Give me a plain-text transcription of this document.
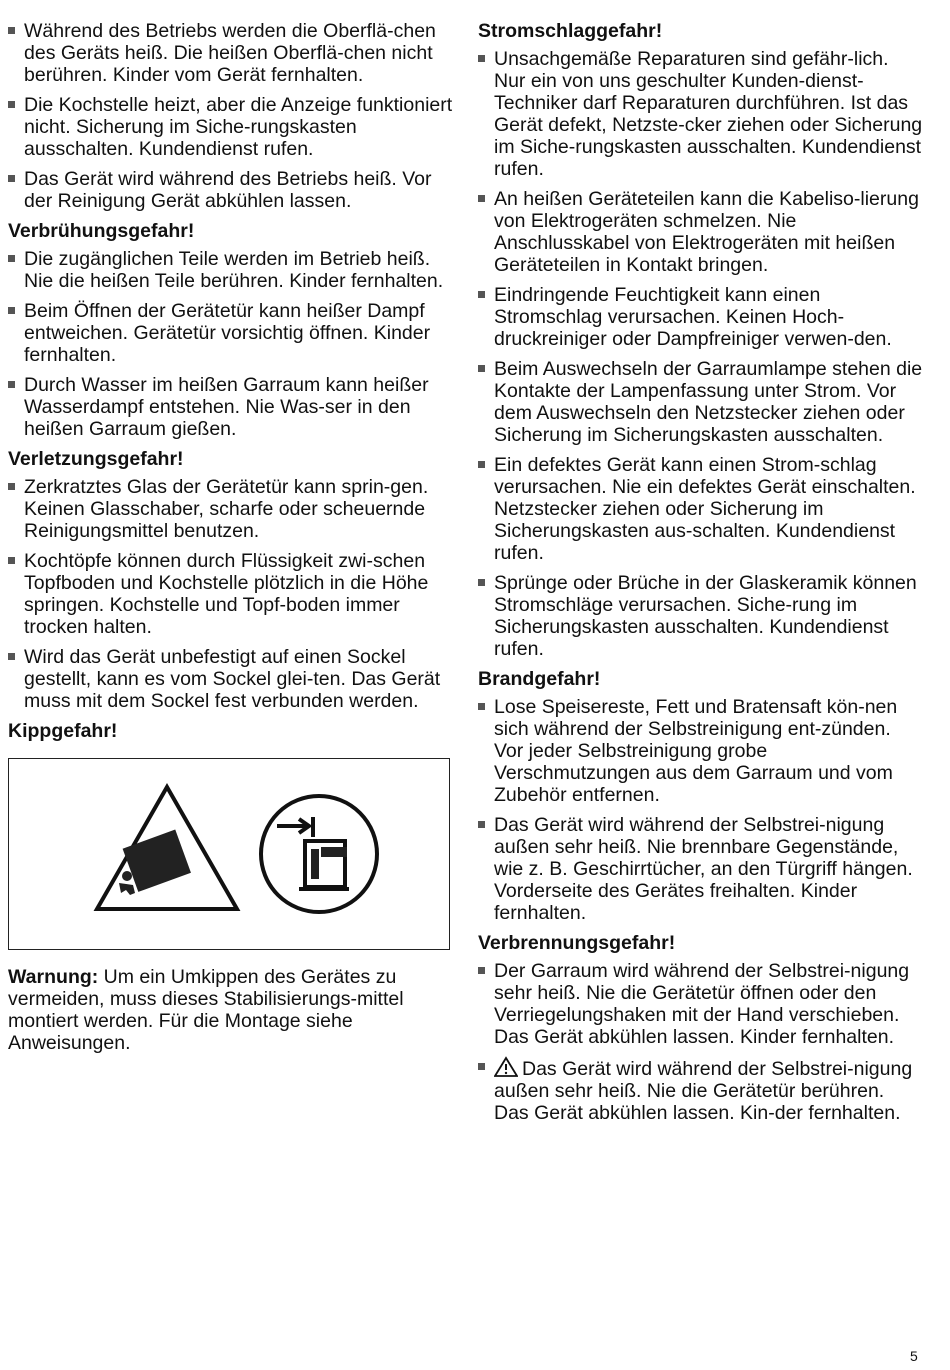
Während des Betriebs werden die Oberflä-chen des Geräts heiß. Die heißen Oberflä-chen nicht berühren. Kinder vom Gerät fernhalten.
Die Kochstelle heizt, aber die Anzeige funktioniert nicht. Sicherung im Siche-rungskasten ausschalten. Kundendienst rufen.
Das Gerät wird während des Betriebs heiß. Vor der Reinigung Gerät abkühlen lassen.
Verbrühungsgefahr!
Die zugänglichen Teile werden im Betrieb heiß. Nie die heißen Teile berühren. Kinder fernhalten.
Beim Öffnen der Gerätetür kann heißer Dampf entweichen. Gerätetür vorsichtig öffnen. Kinder fernhalten.
Durch Wasser im heißen Garraum kann heißer Wasserdampf entstehen. Nie Was-ser in den heißen Garraum gießen.
Verletzungsgefahr!
Zerkratztes Glas der Gerätetür kann sprin-gen. Keinen Glasschaber, scharfe oder scheuernde Reinigungsmittel benutzen.
Kochtöpfe können durch Flüssigkeit zwi-schen Topfboden und Kochstelle plötzlich in die Höhe springen. Kochstelle und Topf-boden immer trocken halten.
Wird das Gerät unbefestigt auf einen Sockel gestellt, kann es vom Sockel glei-ten. Das Gerät muss mit dem Sockel fest verbunden werden.
Kippgefahr!
Warnung: Um ein Umkippen des Gerätes zu vermeiden, muss dieses Stabilisierungs-mittel montiert werden. Für die Montage siehe Anweisungen.
Stromschlaggefahr!
Unsachgemäße Reparaturen sind gefähr-lich. Nur ein von uns geschulter Kunden-dienst-Techniker darf Reparaturen durchführen. Ist das Gerät defekt, Netzste-cker ziehen oder Sicherung im Siche-rungskasten ausschalten. Kundendienst rufen.
An heißen Geräteteilen kann die Kabeliso-lierung von Elektrogeräten schmelzen. Nie Anschlusskabel von Elektrogeräten mit heißen Geräteteilen in Kontakt bringen.
Eindringende Feuchtigkeit kann einen Stromschlag verursachen. Keinen Hoch-druckreiniger oder Dampfreiniger verwen-den.
Beim Auswechseln der Garraumlampe stehen die Kontakte der Lampenfassung unter Strom. Vor dem Auswechseln den Netzstecker ziehen oder Sicherung im Sicherungskasten ausschalten.
Ein defektes Gerät kann einen Strom-schlag verursachen. Nie ein defektes Gerät einschalten. Netzstecker ziehen oder Sicherung im Sicherungskasten aus-schalten. Kundendienst rufen.
Sprünge oder Brüche in der Glaskeramik können Stromschläge verursachen. Siche-rung im Sicherungskasten ausschalten. Kundendienst rufen.
Brandgefahr!
Lose Speisereste, Fett und Bratensaft kön-nen sich während der Selbstreinigung ent-zünden. Vor jeder Selbstreinigung grobe Verschmutzungen aus dem Garraum und vom Zubehör entfernen.
Das Gerät wird während der Selbstrei-nigung außen sehr heiß. Nie brennbare Gegenstände, wie z. B. Geschirrtücher, an den Türgriff hängen. Vorderseite des Gerätes freihalten. Kinder fernhalten.
Verbrennungsgefahr!
Der Garraum wird während der Selbstrei-nigung sehr heiß. Nie die Gerätetür öffnen oder den Verriegelungshaken mit der Hand verschieben. Das Gerät abkühlen lassen. Kinder fernhalten.
Das Gerät wird während der Selbstrei-nigung außen sehr heiß. Nie die Gerätetür berühren. Das Gerät abkühlen lassen. Kin-der fernhalten.
5
